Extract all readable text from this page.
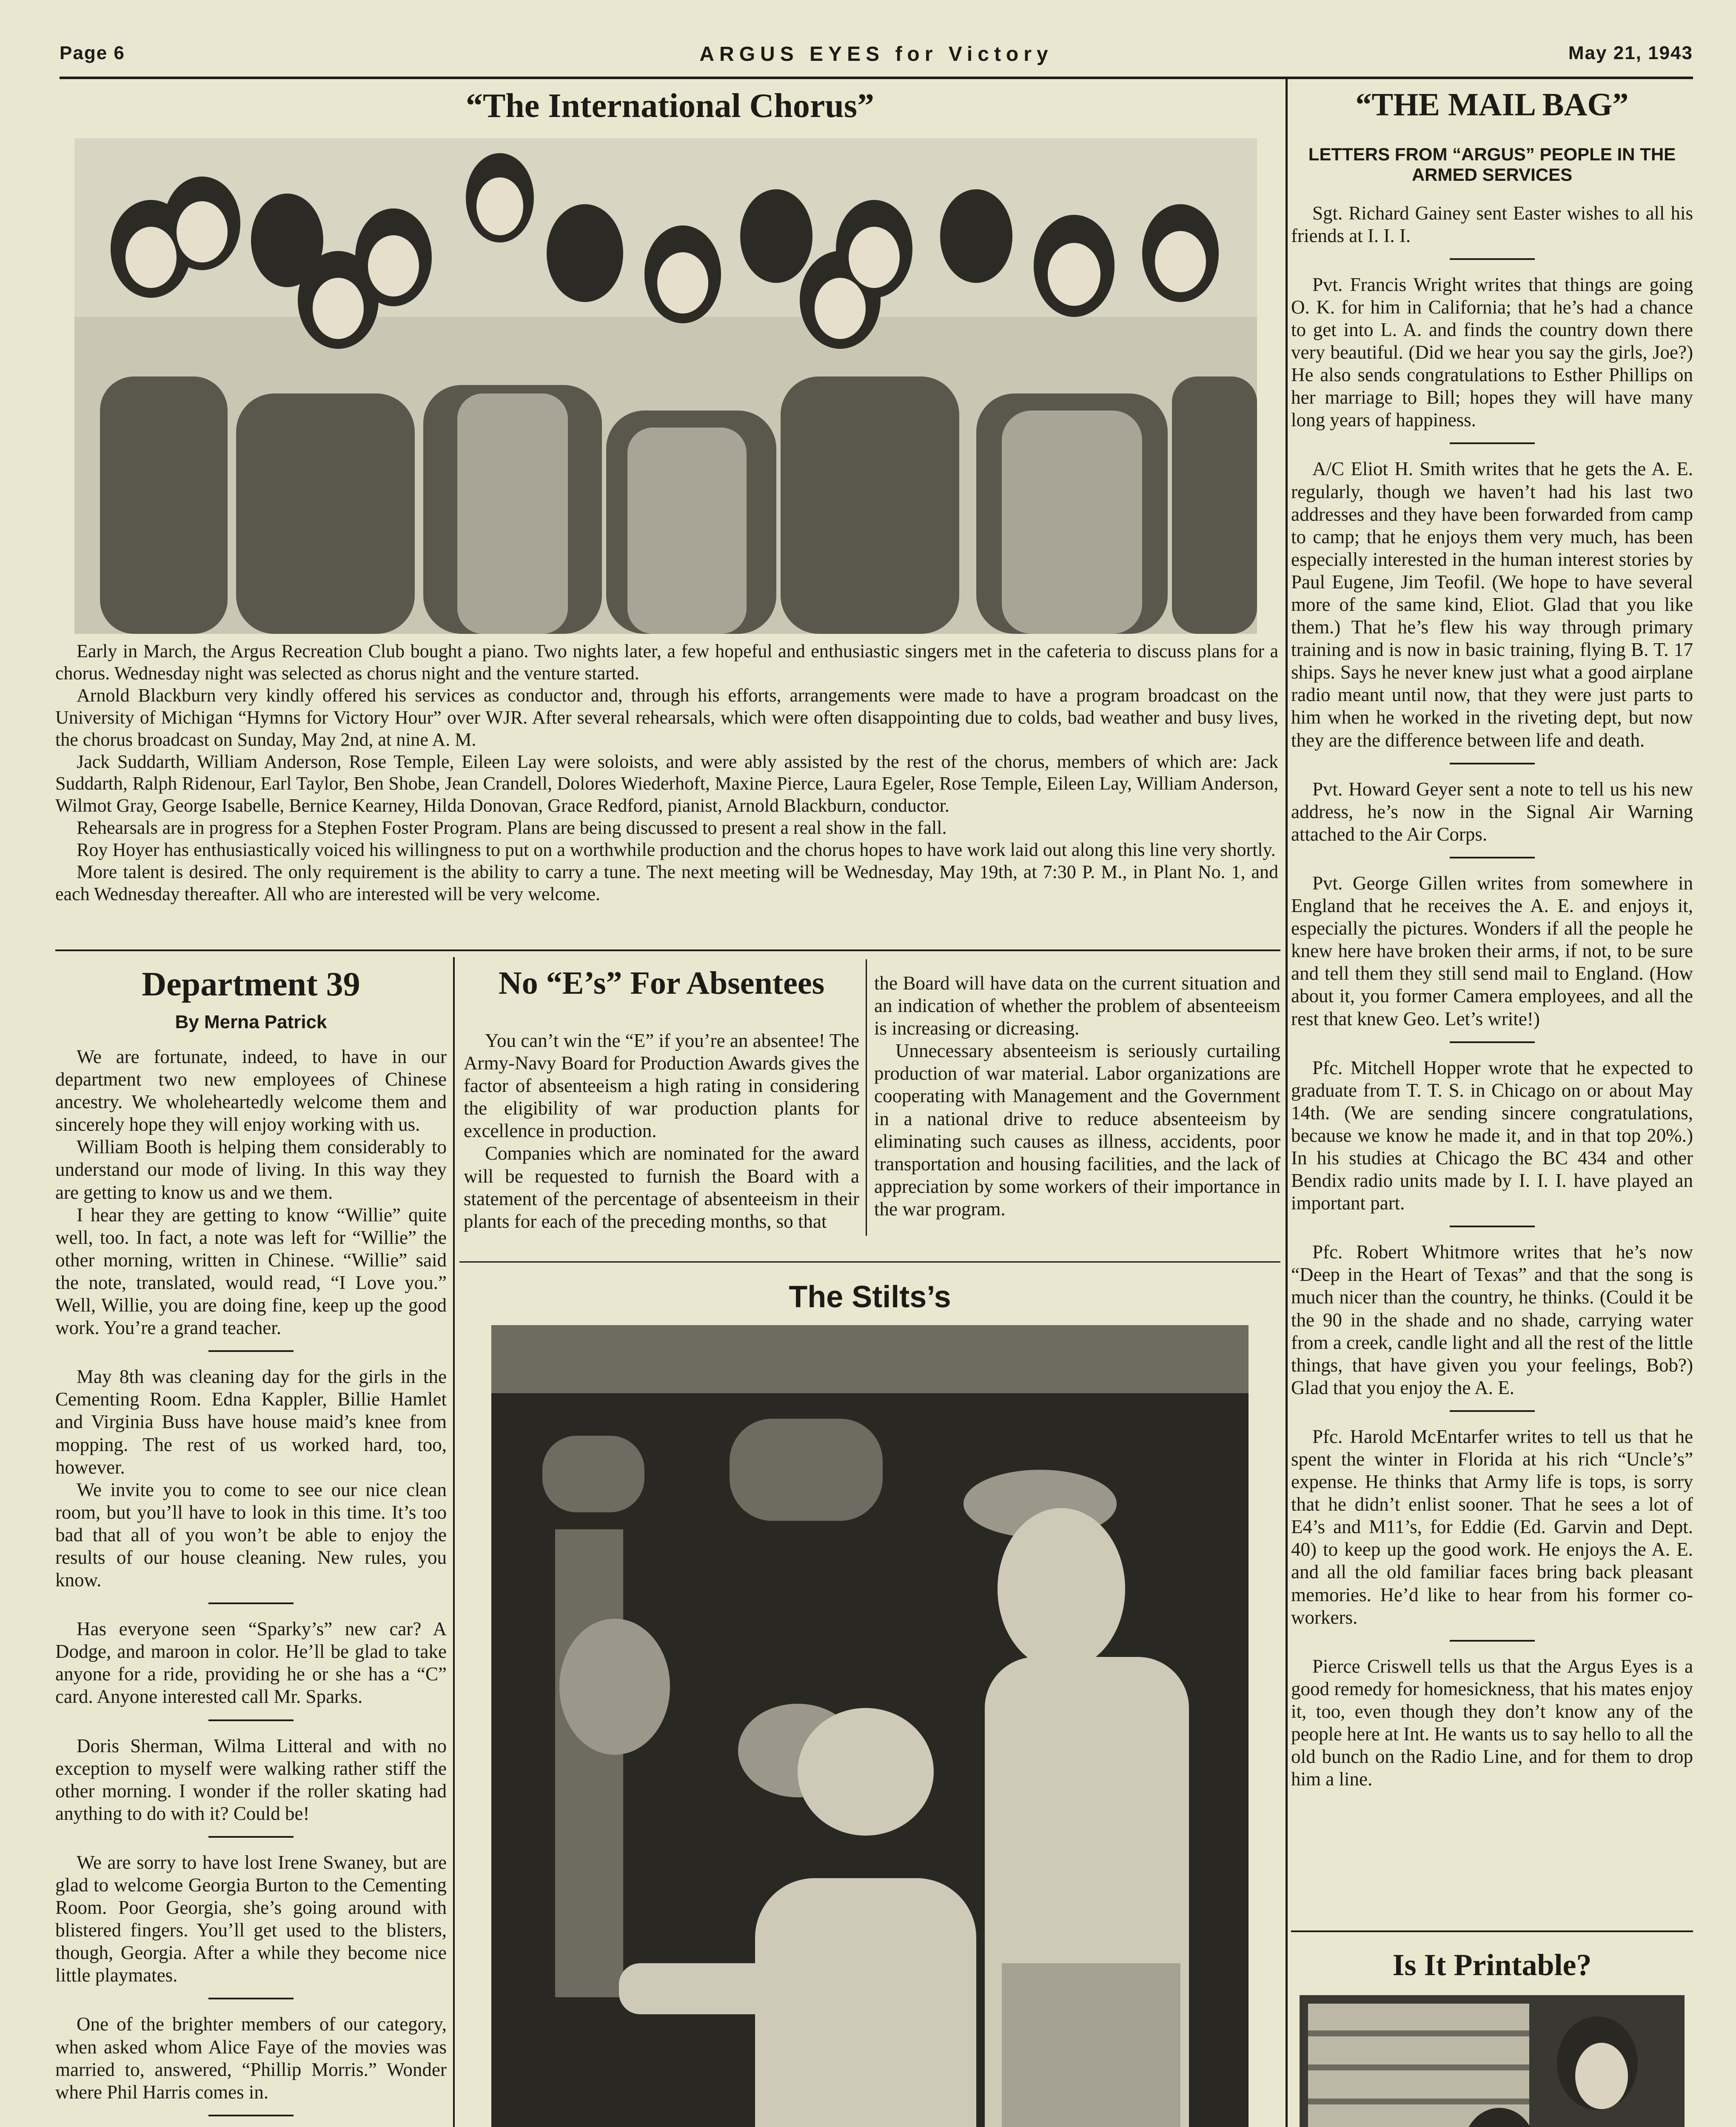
Page 6	ARGUS EYES for Victory	May 21, 1943
“The International Chorus”

Early in March, the Argus Recreation Club bought a piano. Two nights later, a few hopeful and enthusiastic singers met in the cafeteria to discuss plans for a chorus. Wednesday night was selected as chorus night and the venture started.

Arnold Blackburn very kindly offered his services as conductor and, through his efforts, arrangements were made to have a program broadcast on the University of Michigan “Hymns for Victory Hour” over WJR. After several rehearsals, which were often disappointing due to colds, bad weather and busy lives, the chorus broadcast on Sunday, May 2nd, at nine A. M.

Jack Suddarth, William Anderson, Rose Temple, Eileen Lay were soloists, and were ably assisted by the rest of the chorus, members of which are: Jack Suddarth, Ralph Ridenour, Earl Taylor, Ben Shobe, Jean Crandell, Dolores Wiederhoft, Maxine Pierce, Laura Egeler, Rose Temple, Eileen Lay, William Anderson, Wilmot Gray, George Isabelle, Bernice Kearney, Hilda Donovan, Grace Redford, pianist, Arnold Blackburn, conductor.

Rehearsals are in progress for a Stephen Foster Program. Plans are being discussed to present a real show in the fall.

Roy Hoyer has enthusiastically voiced his willingness to put on a worthwhile production and the chorus hopes to have work laid out along this line very shortly.

More talent is desired. The only requirement is the ability to carry a tune. The next meeting will be Wednesday, May 19th, at 7:30 P. M., in Plant No. 1, and each Wednesday thereafter. All who are interested will be very welcome.

Department 39
By Merna Patrick

We are fortunate, indeed, to have in our department two new employees of Chinese ancestry. We wholeheartedly welcome them and sincerely hope they will enjoy working with us.

William Booth is helping them considerably to understand our mode of living. In this way they are getting to know us and we them.

I hear they are getting to know “Willie” quite well, too. In fact, a note was left for “Willie” the other morning, written in Chinese. “Willie” said the note, translated, would read, “I Love you.” Well, Willie, you are doing fine, keep up the good work. You’re a grand teacher.

May 8th was cleaning day for the girls in the Cementing Room. Edna Kappler, Billie Hamlet and Virginia Buss have house maid’s knee from mopping. The rest of us worked hard, too, however.

We invite you to come to see our nice clean room, but you’ll have to look in this time. It’s too bad that all of you won’t be able to enjoy the results of our house cleaning. New rules, you know.

Has everyone seen “Sparky’s” new car? A Dodge, and maroon in color. He’ll be glad to take anyone for a ride, providing he or she has a “C” card. Anyone interested call Mr. Sparks.

Doris Sherman, Wilma Litteral and with no exception to myself were walking rather stiff the other morning. I wonder if the roller skating had anything to do with it? Could be!

We are sorry to have lost Irene Swaney, but are glad to welcome Georgia Burton to the Cementing Room. Poor Georgia, she’s going around with blistered fingers. You’ll get used to the blisters, though, Georgia. After a while they become nice little playmates.

One of the brighter members of our category, when asked whom Alice Faye of the movies was married to, answered, “Phillip Morris.” Wonder where Phil Harris comes in.

No “E’s” For Absentees

You can’t win the “E” if you’re an absentee! The Army-Navy Board for Production Awards gives the factor of absenteeism a high rating in considering the eligibility of war production plants for excellence in production.

Companies which are nominated for the award will be requested to furnish the Board with a statement of the percentage of absenteeism in their plants for each of the preceding months, so that

the Board will have data on the current situation and an indication of whether the problem of absenteeism is increasing or dicreasing.

Unnecessary absenteeism is seriously curtailing production of war material. Labor organizations are cooperating with Management and the Government in a national drive to reduce absenteeism by eliminating such causes as illness, accidents, poor transportation and housing facilities, and the lack of appreciation by some workers of their importance in the war program.

The Stilts’s

“THE MAIL BAG”
LETTERS FROM “ARGUS” PEOPLE IN THE ARMED SERVICES
Sgt. Richard Gainey sent Easter wishes to all his friends at I. I. I.
Pvt. Francis Wright writes that things are going O. K. for him in California; that he’s had a chance to get into L. A. and finds the country down there very beautiful. (Did we hear you say the girls, Joe?) He also sends congratulations to Esther Phillips on her marriage to Bill; hopes they will have many long years of happiness.
A/C Eliot H. Smith writes that he gets the A. E. regularly, though we haven’t had his last two addresses and they have been forwarded from camp to camp; that he enjoys them very much, has been especially interested in the human interest stories by Paul Eugene, Jim Teofil. (We hope to have several more of the same kind, Eliot. Glad that you like them.) That he’s flew his way through primary training and is now in basic training, flying B. T. 17 ships. Says he never knew just what a good airplane radio meant until now, that they were just parts to him when he worked in the riveting dept, but now they are the difference between life and death.
Pvt. Howard Geyer sent a note to tell us his new address, he’s now in the Signal Air Warning attached to the Air Corps.
Pvt. George Gillen writes from somewhere in England that he receives the A. E. and enjoys it, especially the pictures. Wonders if all the people he knew here have broken their arms, if not, to be sure and tell them they still send mail to England. (How about it, you former Camera employees, and all the rest that knew Geo. Let’s write!)
Pfc. Mitchell Hopper wrote that he expected to graduate from T. T. S. in Chicago on or about May 14th. (We are sending sincere congratulations, because we know he made it, and in that top 20%.) In his studies at Chicago the BC 434 and other Bendix radio units made by I. I. I. have played an important part.
Pfc. Robert Whitmore writes that he’s now “Deep in the Heart of Texas” and that the song is much nicer than the country, he thinks. (Could it be the 90 in the shade and no shade, carrying water from a creek, candle light and all the rest of the little things, that have given you your feelings, Bob?) Glad that you enjoy the A. E.
Pfc. Harold McEntarfer writes to tell us that he spent the winter in Florida at his rich “Uncle’s” expense. He thinks that Army life is tops, is sorry that he didn’t enlist sooner. That he sees a lot of E4’s and M11’s, for Eddie (Ed. Garvin and Dept. 40) to keep up the good work. He enjoys the A. E. and all the old familiar faces bring back pleasant memories. He’d like to hear from his former co-workers.
Pierce Criswell tells us that the Argus Eyes is a good remedy for homesickness, that his mates enjoy it, too, even though they don’t know any of the people here at Int. He wants us to say hello to all the old bunch on the Radio Line, and for them to drop him a line.
Is It Printable?
